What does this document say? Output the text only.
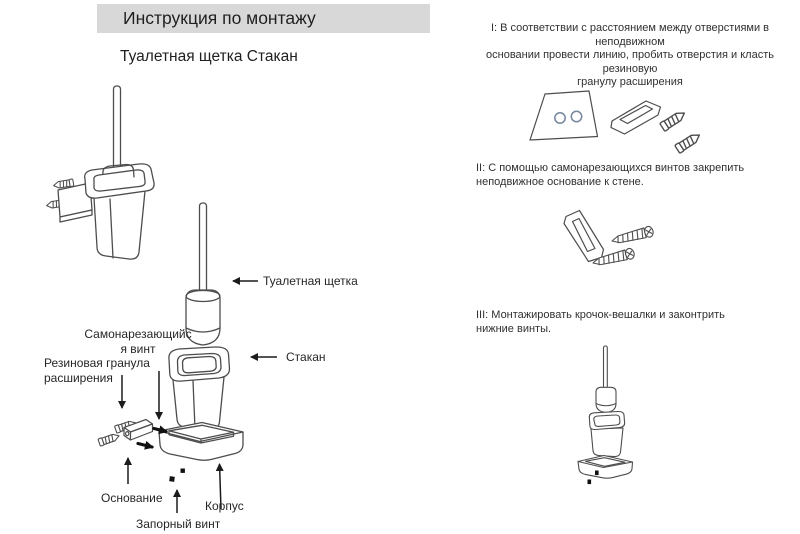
Инструкция по монтажу
Туалетная щетка Стакан
Туалетная щетка
Самонарезающийс
я винт
Резиновая гранула
расширения
Стакан
Основание
Корпус
Запорный винт
I: В соответствии с расстоянием между отверстиями в неподвижном
основании провести линию, пробить отверстия и класть резиновую
гранулу расширения
II: С помощью самонарезающихся винтов закрепить
неподвижное основание к стене.
III: Монтажировать крочок-вешалки и законтрить
нижние винты.
